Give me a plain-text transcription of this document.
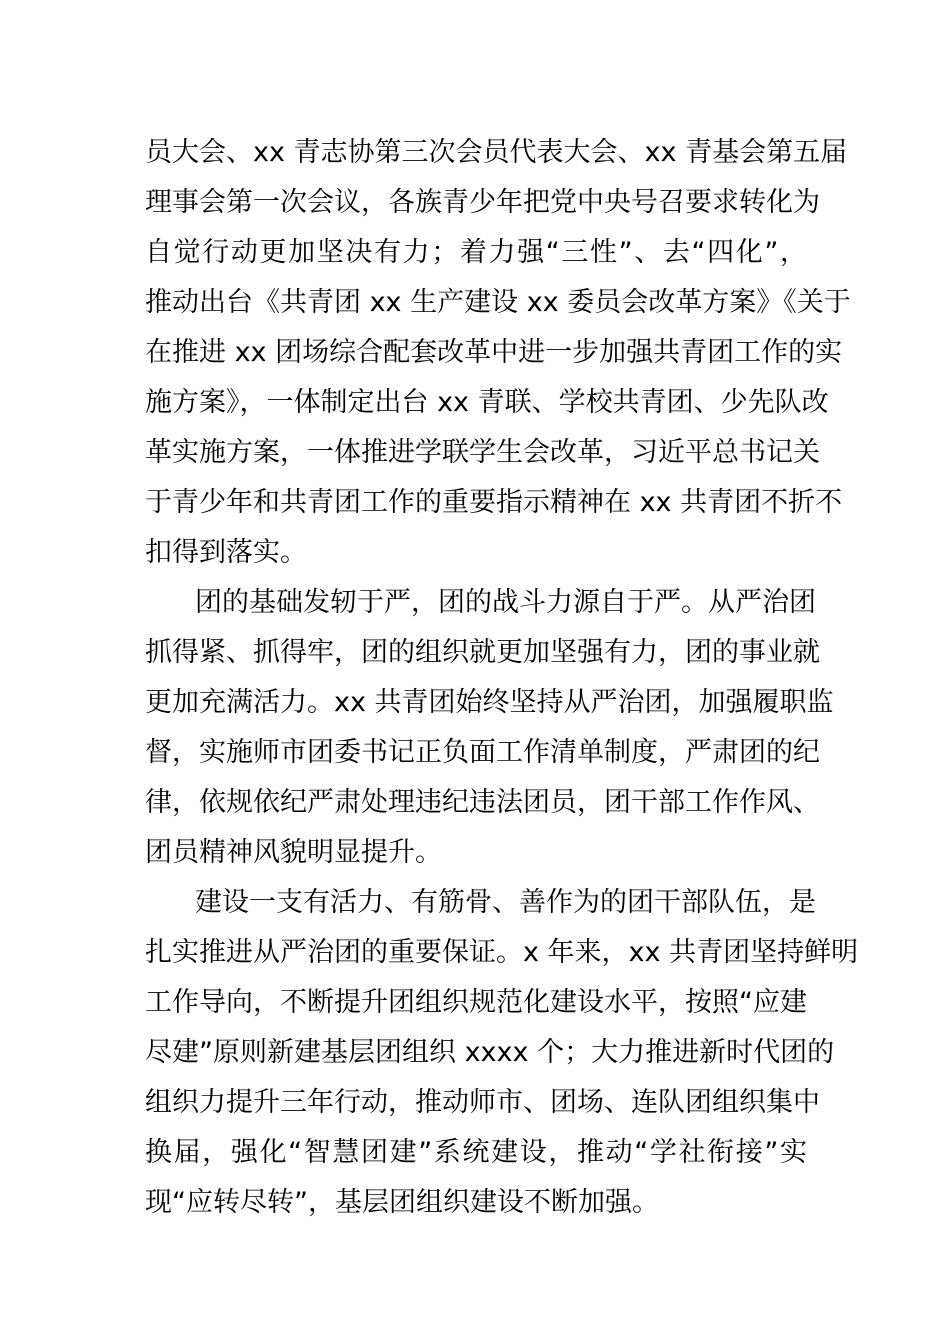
员大会、xx 青志协第三次会员代表大会、xx 青基会第五届
理事会第一次会议，各族青少年把党中央号召要求转化为
自觉行动更加坚决有力；着力强“三性”、去“四化”，
推动出台《共青团 xx 生产建设 xx 委员会改革方案》《关于
在推进 xx 团场综合配套改革中进一步加强共青团工作的实
施方案》，一体制定出台 xx 青联、学校共青团、少先队改
革实施方案，一体推进学联学生会改革，习近平总书记关
于青少年和共青团工作的重要指示精神在 xx 共青团不折不
扣得到落实。
团的基础发轫于严，团的战斗力源自于严。从严治团
抓得紧、抓得牢，团的组织就更加坚强有力，团的事业就
更加充满活力。xx 共青团始终坚持从严治团，加强履职监
督，实施师市团委书记正负面工作清单制度，严肃团的纪
律，依规依纪严肃处理违纪违法团员，团干部工作作风、
团员精神风貌明显提升。
建设一支有活力、有筋骨、善作为的团干部队伍，是
扎实推进从严治团的重要保证。x 年来，xx 共青团坚持鲜明
工作导向，不断提升团组织规范化建设水平，按照“应建
尽建”原则新建基层团组织 xxxx 个；大力推进新时代团的
组织力提升三年行动，推动师市、团场、连队团组织集中
换届，强化“智慧团建”系统建设，推动“学社衔接”实
现“应转尽转”，基层团组织建设不断加强。
